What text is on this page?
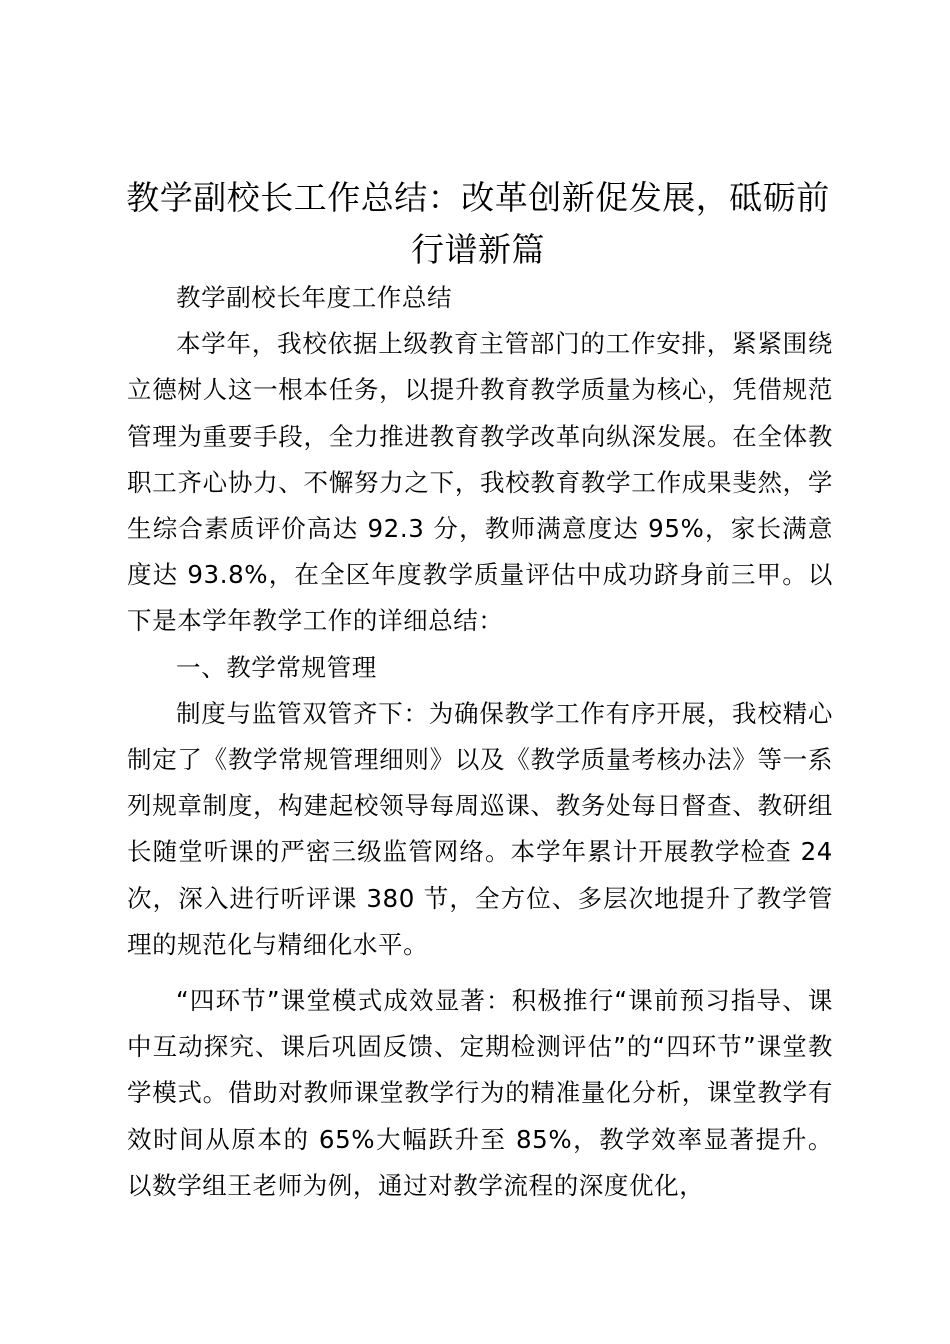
教学副校长工作总结：改革创新促发展，砥砺前行谱新篇

教学副校长年度工作总结

本学年，我校依据上级教育主管部门的工作安排，紧紧围绕立德树人这一根本任务，以提升教育教学质量为核心，凭借规范管理为重要手段，全力推进教育教学改革向纵深发展。在全体教职工齐心协力、不懈努力之下，我校教育教学工作成果斐然，学生综合素质评价高达 92.3 分，教师满意度达 95%，家长满意度达 93.8%，在全区年度教学质量评估中成功跻身前三甲。以下是本学年教学工作的详细总结：

一、教学常规管理

制度与监管双管齐下：为确保教学工作有序开展，我校精心制定了《教学常规管理细则》以及《教学质量考核办法》等一系列规章制度，构建起校领导每周巡课、教务处每日督查、教研组长随堂听课的严密三级监管网络。本学年累计开展教学检查 24 次，深入进行听评课 380 节，全方位、多层次地提升了教学管理的规范化与精细化水平。

“四环节”课堂模式成效显著：积极推行“课前预习指导、课中互动探究、课后巩固反馈、定期检测评估”的“四环节”课堂教学模式。借助对教师课堂教学行为的精准量化分析，课堂教学有效时间从原本的 65%大幅跃升至 85%，教学效率显著提升。以数学组王老师为例，通过对教学流程的深度优化，
